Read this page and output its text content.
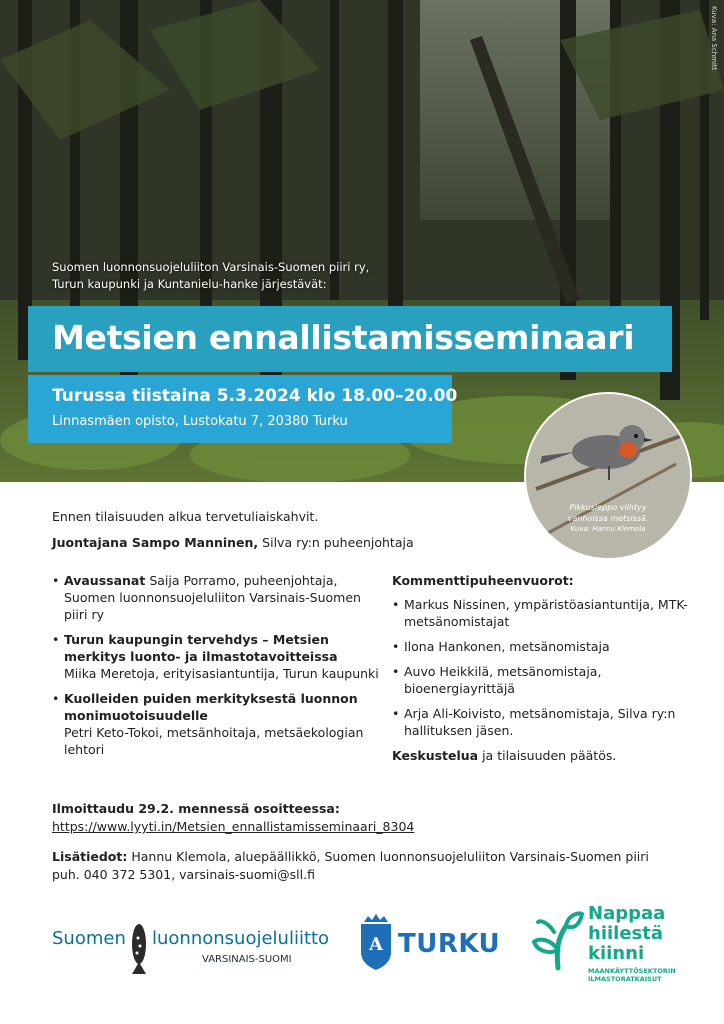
Kuva: Ana Schmitt
Suomen luonnonsuojeluliiton Varsinais-Suomen piiri ry,
Turun kaupunki ja Kuntanielu-hanke järjestävät:
Metsien ennallistamisseminaari
Turussa tiistaina 5.3.2024 klo 18.00–20.00
Linnasmäen opisto, Lustokatu 7, 20380 Turku
Pikkusieppo viihtyy
vanhoissa metsissä.
Kuva: Hannu Klemola
Ennen tilaisuuden alkua tervetuliaiskahvit.
Juontajana Sampo Manninen, Silva ry:n puheenjohtaja
• Avaussanat Saija Porramo, puheenjohtaja, Suomen luonnonsuojeluliiton Varsinais-Suomen piiri ry
• Turun kaupungin tervehdys – Metsien merkitys luonto- ja ilmastotavoitteissa
Miika Meretoja, erityisasiantuntija, Turun kaupunki
• Kuolleiden puiden merkityksestä luonnon monimuotoisuudelle
Petri Keto-Tokoi, metsänhoitaja, metsäekologian lehtori
Kommenttipuheenvuorot:
• Markus Nissinen, ympäristöasiantuntija, MTK-metsänomistajat
• Ilona Hankonen, metsänomistaja
• Auvo Heikkilä, metsänomistaja, bioenergiayrittäjä
• Arja Ali-Koivisto, metsänomistaja, Silva ry:n hallituksen jäsen.
Keskustelua ja tilaisuuden päätös.
Ilmoittaudu 29.2. mennessä osoitteessa:
https://www.lyyti.in/Metsien_ennallistamisseminaari_8304
Lisätiedot: Hannu Klemola, aluepäällikkö, Suomen luonnonsuojeluliiton Varsinais-Suomen piiri
puh. 040 372 5301, varsinais-suomi@sll.fi
Suomen luonnonsuojeluliitto
VARSINAIS-SUOMI
A TURKU
Nappaa
hiilestä
kiinni
MAANKÄYTTÖSEKTORIN
ILMASTORATKAISUT
